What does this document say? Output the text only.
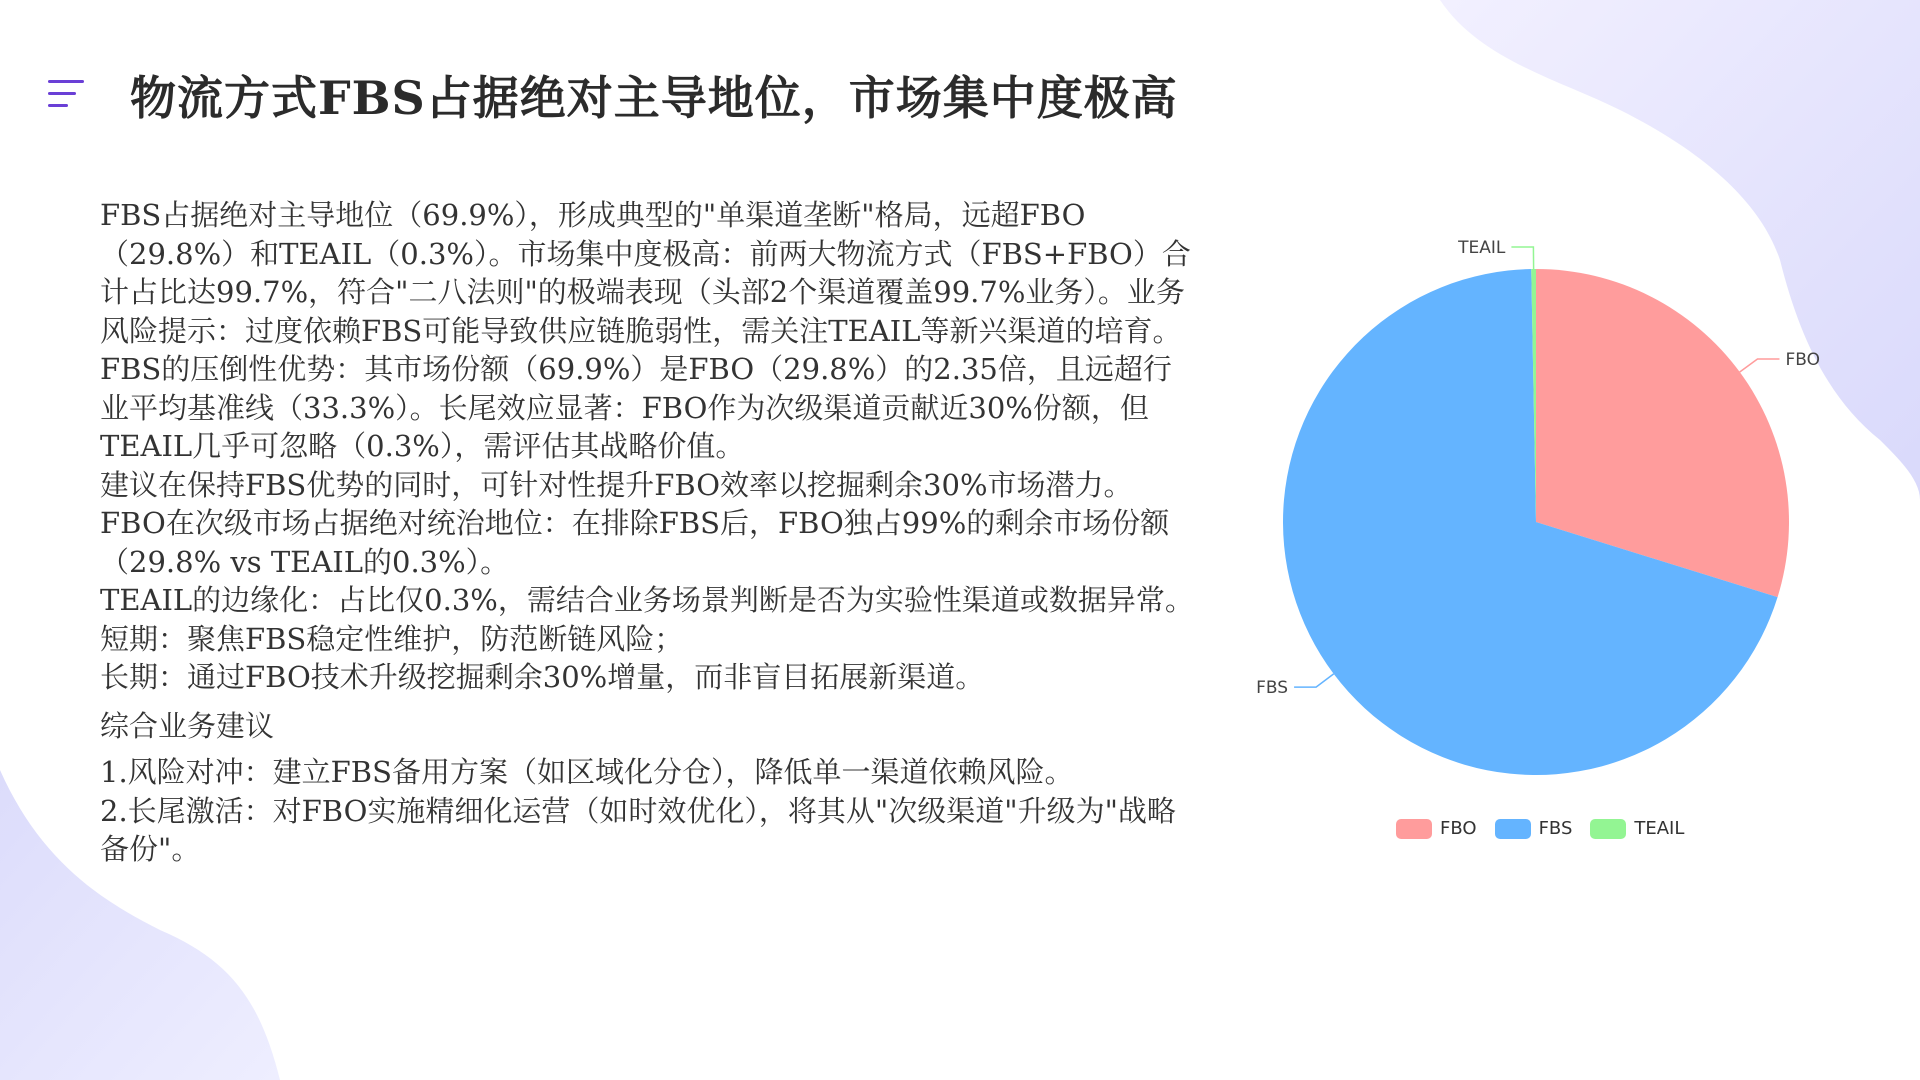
物流方式FBS占据绝对主导地位，市场集中度极高

FBS占据绝对主导地位（69.9%），形成典型的"单渠道垄断"格局，远超FBO（29.8%）和TEAIL（0.3%）。市场集中度极高：前两大物流方式（FBS+FBO）合计占比达99.7%，符合"二八法则"的极端表现（头部2个渠道覆盖99.7%业务）。业务风险提示：过度依赖FBS可能导致供应链脆弱性，需关注TEAIL等新兴渠道的培育。

FBS的压倒性优势：其市场份额（69.9%）是FBO（29.8%）的2.35倍，且远超行业平均基准线（33.3%）。长尾效应显著：FBO作为次级渠道贡献近30%份额，但TEAIL几乎可忽略（0.3%），需评估其战略价值。

建议在保持FBS优势的同时，可针对性提升FBO效率以挖掘剩余30%市场潜力。

FBO在次级市场占据绝对统治地位：在排除FBS后，FBO独占99%的剩余市场份额（29.8% vs TEAIL的0.3%）。

TEAIL的边缘化：占比仅0.3%，需结合业务场景判断是否为实验性渠道或数据异常。

短期：聚焦FBS稳定性维护，防范断链风险；

长期：通过FBO技术升级挖掘剩余30%增量，而非盲目拓展新渠道。

综合业务建议

1.风险对冲：建立FBS备用方案（如区域化分仓），降低单一渠道依赖风险。

2.长尾激活：对FBO实施精细化运营（如时效优化），将其从"次级渠道"升级为"战略备份"。

FBO
FBS
TEAIL
FBO	FBS	TEAIL
